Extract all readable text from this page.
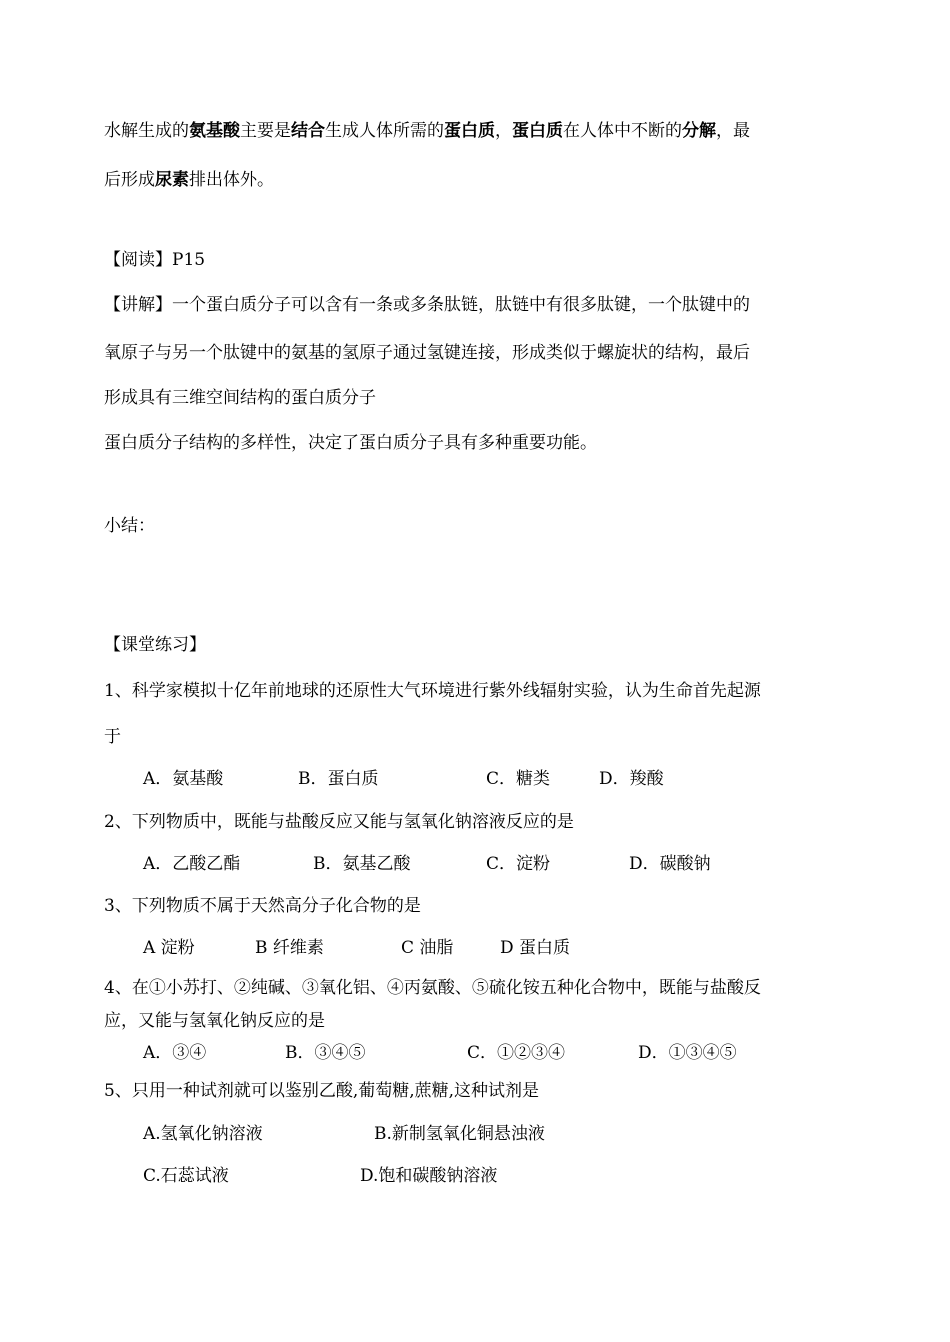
水解生成的氨基酸主要是结合生成人体所需的蛋白质，蛋白质在人体中不断的分解，最
后形成尿素排出体外。
【阅读】P15
【讲解】一个蛋白质分子可以含有一条或多条肽链，肽链中有很多肽键，一个肽键中的
氧原子与另一个肽键中的氨基的氢原子通过氢键连接，形成类似于螺旋状的结构，最后
形成具有三维空间结构的蛋白质分子
蛋白质分子结构的多样性，决定了蛋白质分子具有多种重要功能。
小结：
【课堂练习】
1、科学家模拟十亿年前地球的还原性大气环境进行紫外线辐射实验，认为生命首先起源
于
A．氨基酸	B．蛋白质	C．糖类	D．羧酸
2、下列物质中，既能与盐酸反应又能与氢氧化钠溶液反应的是
A．乙酸乙酯	B．氨基乙酸	C．淀粉	D．碳酸钠
3、下列物质不属于天然高分子化合物的是
A 淀粉	B 纤维素	C 油脂	D 蛋白质
4、在①小苏打、②纯碱、③氧化铝、④丙氨酸、⑤硫化铵五种化合物中，既能与盐酸反
应，又能与氢氧化钠反应的是
A．③④	B．③④⑤	C．①②③④	D．①③④⑤
5、只用一种试剂就可以鉴别乙酸,葡萄糖,蔗糖,这种试剂是
A.氢氧化钠溶液	B.新制氢氧化铜悬浊液
C.石蕊试液	D.饱和碳酸钠溶液
